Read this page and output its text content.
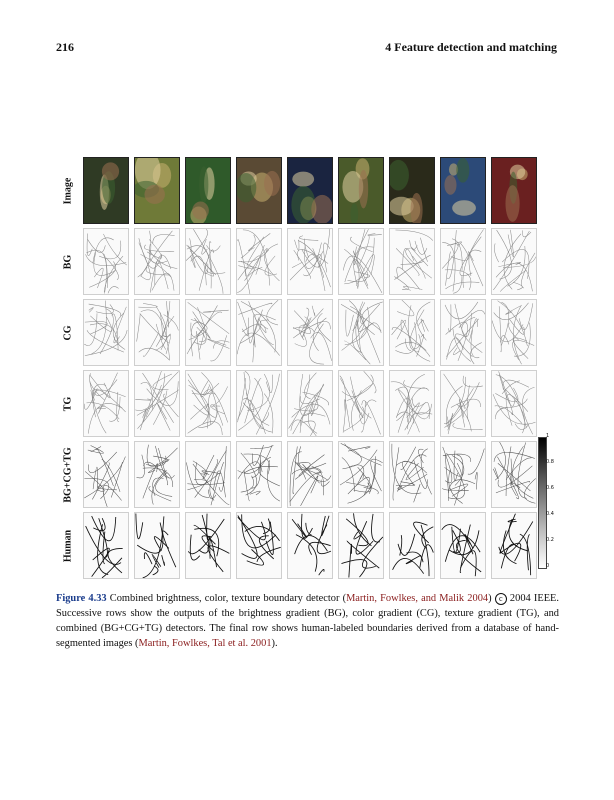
216	4 Feature detection and matching
Image
BG
CG
TG
BG+CG+TG
Human
1
0.8
0.6
0.4
0.2
0
Figure 4.33 Combined brightness, color, texture boundary detector (Martin, Fowlkes, and Malik 2004) c 2004 IEEE. Successive rows show the outputs of the brightness gradient (BG), color gradient (CG), texture gradient (TG), and combined (BG+CG+TG) detectors. The final row shows human-labeled boundaries derived from a database of hand-segmented images (Martin, Fowlkes, Tal et al. 2001).
